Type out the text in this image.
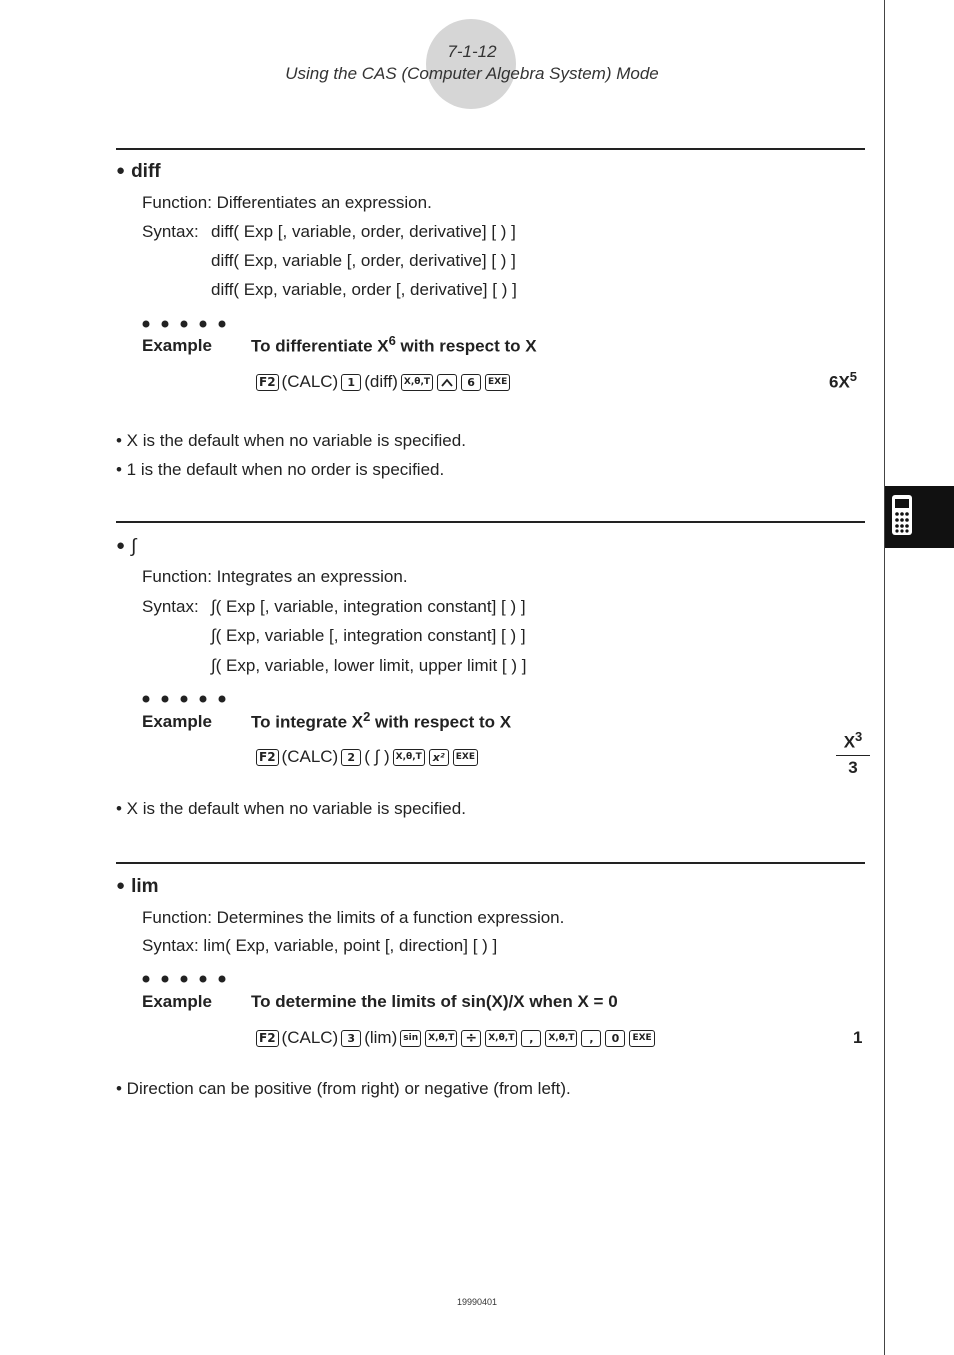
7-1-12
Using the CAS (Computer Algebra System) Mode
● diff
Function: Differentiates an expression.
Syntax: diff( Exp [, variable, order, derivative] [ ) ]
diff( Exp, variable [, order, derivative] [ ) ]
diff( Exp, variable, order [, derivative] [ ) ]
Example To differentiate $X^6$ with respect to X
F2 (CALC) 1 (diff) X,θ,T	6	EXE	$6X^5$
• X is the default when no variable is specified.
• 1 is the default when no order is specified.
● ∫
Function: Integrates an expression.
Syntax: ∫( Exp [, variable, integration constant] [ ) ]
∫( Exp, variable [, integration constant] [ ) ]
∫( Exp, variable, lower limit, upper limit [ ) ]
Example To integrate $X^2$ with respect to X
F2 (CALC) 2 ( ∫ ) X,θ,T	x²	EXE
$X^3$
3
• X is the default when no variable is specified.
● lim
Function: Determines the limits of a function expression.
Syntax: lim( Exp, variable, point [, direction] [ ) ]
Example To determine the limits of sin(X)/X when X = 0
F2 (CALC) 3 (lim) sin	X,θ,T ÷	X,θ,T	,	X,θ,T	,	0	EXE	1
• Direction can be positive (from right) or negative (from left).
19990401
